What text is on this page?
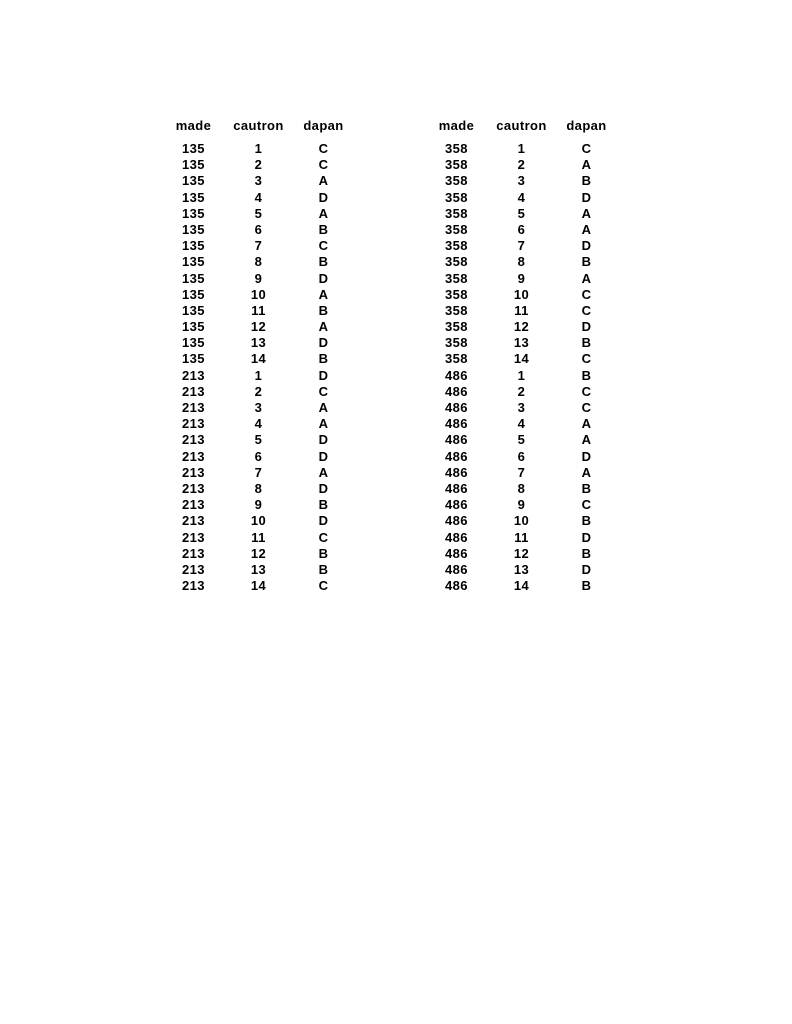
made	cautron	dapan
135	1	C
135	2	C
135	3	A
135	4	D
135	5	A
135	6	B
135	7	C
135	8	B
135	9	D
135	10	A
135	11	B
135	12	A
135	13	D
135	14	B
213	1	D
213	2	C
213	3	A
213	4	A
213	5	D
213	6	D
213	7	A
213	8	D
213	9	B
213	10	D
213	11	C
213	12	B
213	13	B
213	14	C
made	cautron	dapan
358	1	C
358	2	A
358	3	B
358	4	D
358	5	A
358	6	A
358	7	D
358	8	B
358	9	A
358	10	C
358	11	C
358	12	D
358	13	B
358	14	C
486	1	B
486	2	C
486	3	C
486	4	A
486	5	A
486	6	D
486	7	A
486	8	B
486	9	C
486	10	B
486	11	D
486	12	B
486	13	D
486	14	B
